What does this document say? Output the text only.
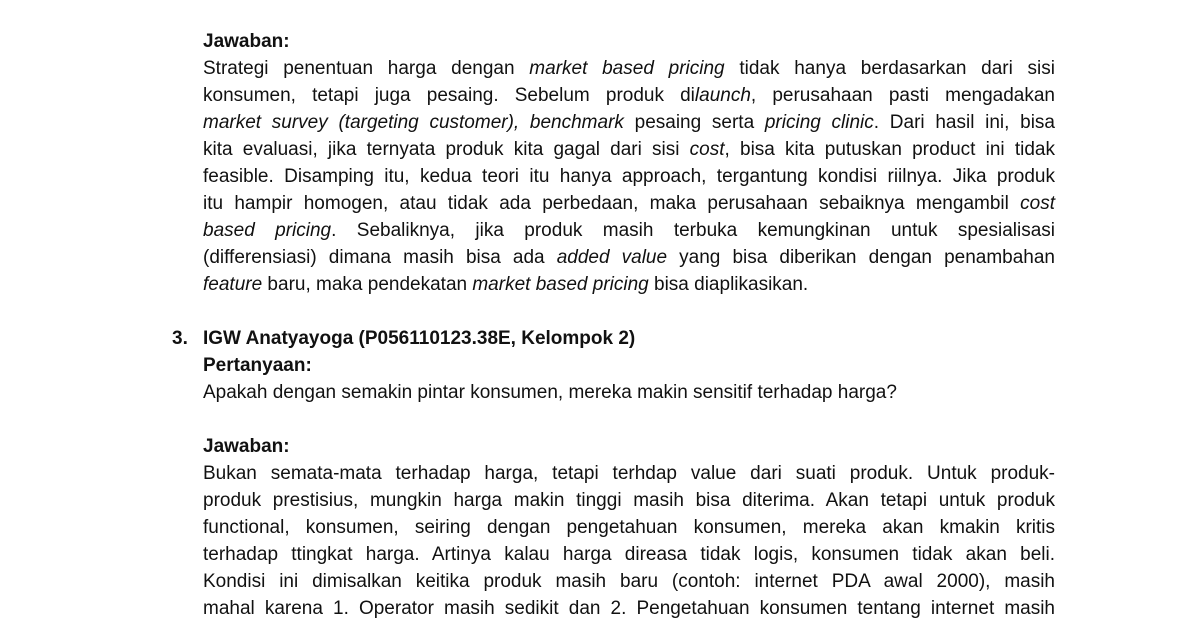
Jawaban:
Strategi penentuan harga dengan market based pricing tidak hanya berdasarkan dari sisi
konsumen, tetapi juga pesaing. Sebelum produk dilaunch, perusahaan pasti mengadakan
market survey (targeting customer), benchmark pesaing serta pricing clinic. Dari hasil ini, bisa
kita evaluasi, jika ternyata produk kita gagal dari sisi cost, bisa kita putuskan product ini tidak
feasible. Disamping itu, kedua teori itu hanya approach, tergantung kondisi riilnya. Jika produk
itu hampir homogen, atau tidak ada perbedaan, maka perusahaan sebaiknya mengambil cost
based pricing. Sebaliknya, jika produk masih terbuka kemungkinan untuk spesialisasi
(differensiasi) dimana masih bisa ada added value yang bisa diberikan dengan penambahan
feature baru, maka pendekatan market based pricing bisa diaplikasikan.
3. IGW Anatyayoga (P056110123.38E, Kelompok 2)
Pertanyaan:
Apakah dengan semakin pintar konsumen, mereka makin sensitif terhadap harga?
Jawaban:
Bukan semata-mata terhadap harga, tetapi terhdap value dari suati produk. Untuk produk-
produk prestisius, mungkin harga makin tinggi masih bisa diterima. Akan tetapi untuk produk
functional, konsumen, seiring dengan pengetahuan konsumen, mereka akan kmakin kritis
terhadap ttingkat harga. Artinya kalau harga direasa tidak logis, konsumen tidak akan beli.
Kondisi ini dimisalkan keitika produk masih baru (contoh: internet PDA awal 2000), masih
mahal karena 1. Operator masih sedikit dan 2. Pengetahuan konsumen tentang internet masih
